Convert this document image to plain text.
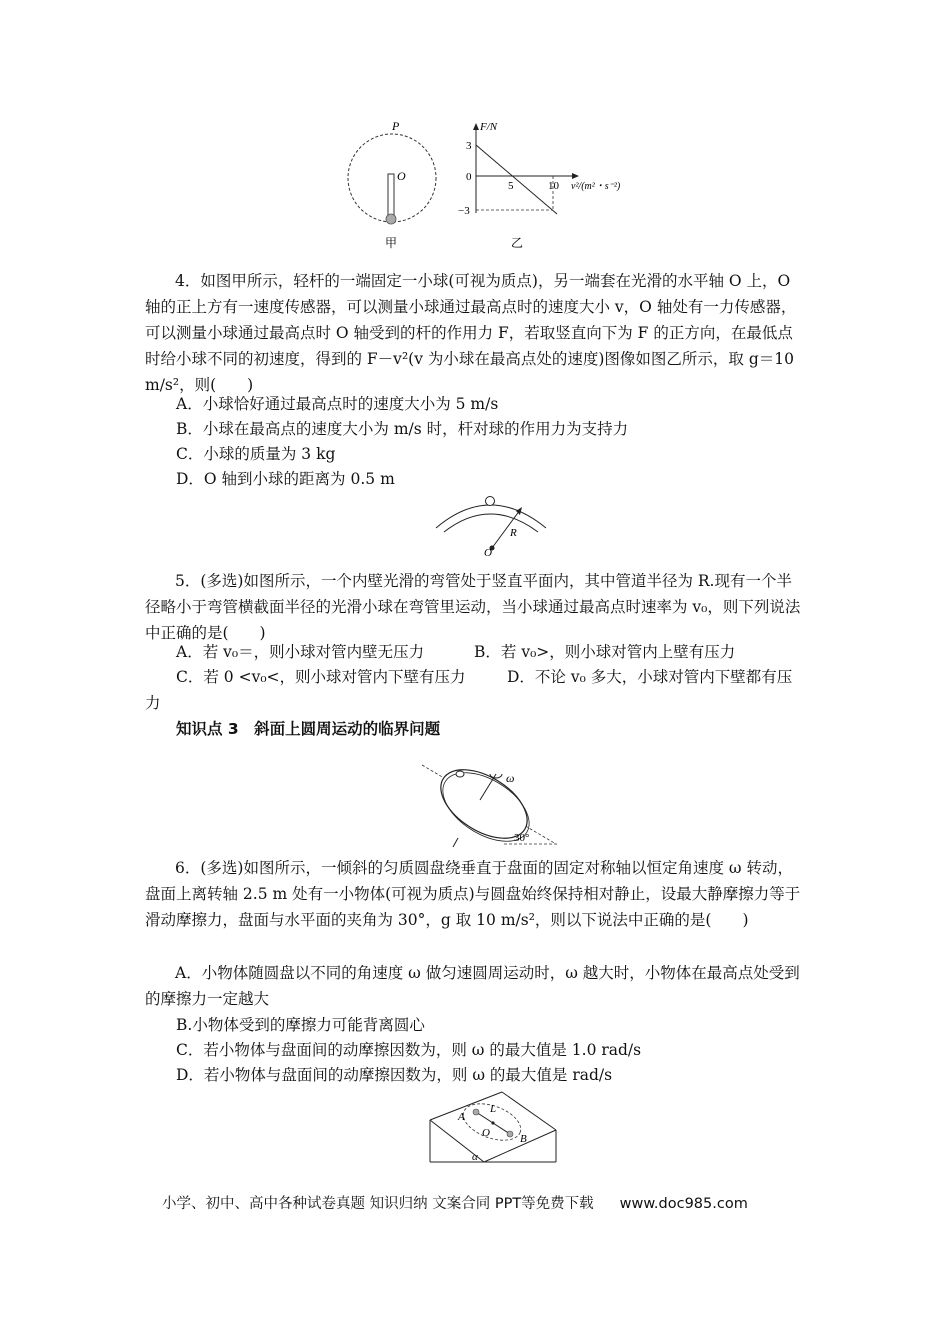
P
O
甲
F/N
3
0
−3
5	10 v²/(m²・s⁻²)
乙
4．如图甲所示，轻杆的一端固定一小球(可视为质点)，另一端套在光滑的水平轴 O 上，O 轴的正上方有一速度传感器，可以测量小球通过最高点时的速度大小 v，O 轴处有一力传感器，可以测量小球通过最高点时 O 轴受到的杆的作用力 F，若取竖直向下为 F 的正方向，在最低点时给小球不同的初速度，得到的 F－v²(v 为小球在最高点处的速度)图像如图乙所示，取 g＝10 m/s²，则(　　)
A．小球恰好通过最高点时的速度大小为 5 m/s
B．小球在最高点的速度大小为 m/s 时，杆对球的作用力为支持力
C．小球的质量为 3 kg
D．O 轴到小球的距离为 0.5 m
R
O
5．(多选)如图所示，一个内壁光滑的弯管处于竖直平面内，其中管道半径为 R.现有一个半径略小于弯管横截面半径的光滑小球在弯管里运动，当小球通过最高点时速率为 v₀，则下列说法中正确的是(　　)
A．若 v₀＝，则小球对管内壁无压力	B．若 v₀>，则小球对管内上壁有压力
C．若 0 <v₀<，则小球对管内下壁有压力	D．不论 v₀ 多大，小球对管内下壁都有压力
知识点 3　斜面上圆周运动的临界问题
ω
30°
6．(多选)如图所示，一倾斜的匀质圆盘绕垂直于盘面的固定对称轴以恒定角速度 ω 转动，盘面上离转轴 2.5 m 处有一小物体(可视为质点)与圆盘始终保持相对静止，设最大静摩擦力等于滑动摩擦力，盘面与水平面的夹角为 30°，g 取 10 m/s²，则以下说法中正确的是(　　)
A．小物体随圆盘以不同的角速度 ω 做匀速圆周运动时，ω 越大时，小物体在最高点处受到的摩擦力一定越大
B.小物体受到的摩擦力可能背离圆心
C．若小物体与盘面间的动摩擦因数为，则 ω 的最大值是 1.0 rad/s
D．若小物体与盘面间的动摩擦因数为，则 ω 的最大值是 rad/s
A
L
O	B
α
小学、初中、高中各种试卷真题 知识归纳 文案合同 PPT等免费下载 www.doc985.com
